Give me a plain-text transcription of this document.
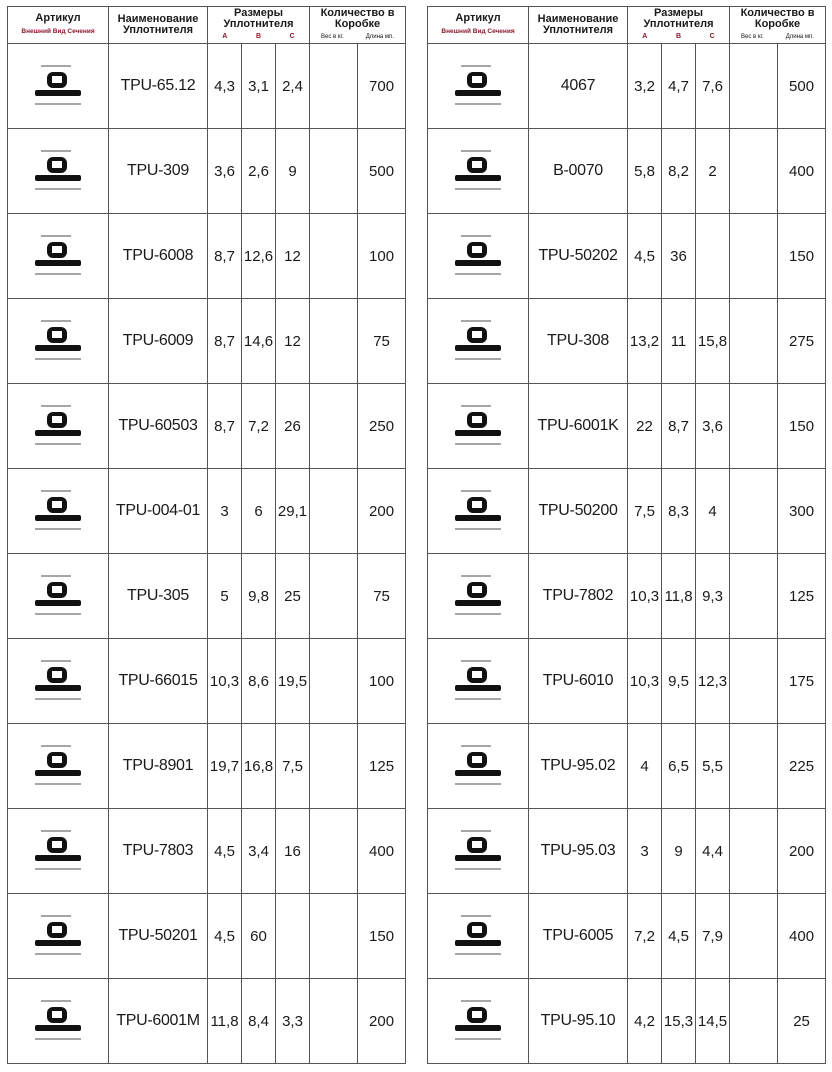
Артикул
Внешний Вид Сечения	Наименование Уплотнителя	Размеры Уплотнителя
A B C			Количество в Коробке
Вес в кг. Длина мп.	

	TPU-65.12	4,3	3,1	2,4		700

	TPU-309	3,6	2,6	9		500

	TPU-6008	8,7	12,6	12		100

	TPU-6009	8,7	14,6	12		75

	TPU-60503	8,7	7,2	26		250

	TPU-004-01	3	6	29,1		200

	TPU-305	5	9,8	25		75

	TPU-66015	10,3	8,6	19,5		100

	TPU-8901	19,7	16,8	7,5		125

	TPU-7803	4,5	3,4	16		400

	TPU-50201	4,5	60			150

	TPU-6001M	11,8	8,4	3,3		200
Артикул
Внешний Вид Сечения	Наименование Уплотнителя	Размеры Уплотнителя
A B C			Количество в Коробке
Вес в кг. Длина мп.	

	4067	3,2	4,7	7,6		500

	B-0070	5,8	8,2	2		400

	TPU-50202	4,5	36			150

	TPU-308	13,2	11	15,8		275

	TPU-6001K	22	8,7	3,6		150

	TPU-50200	7,5	8,3	4		300

	TPU-7802	10,3	11,8	9,3		125

	TPU-6010	10,3	9,5	12,3		175

	TPU-95.02	4	6,5	5,5		225

	TPU-95.03	3	9	4,4		200

	TPU-6005	7,2	4,5	7,9		400

	TPU-95.10	4,2	15,3	14,5		25
